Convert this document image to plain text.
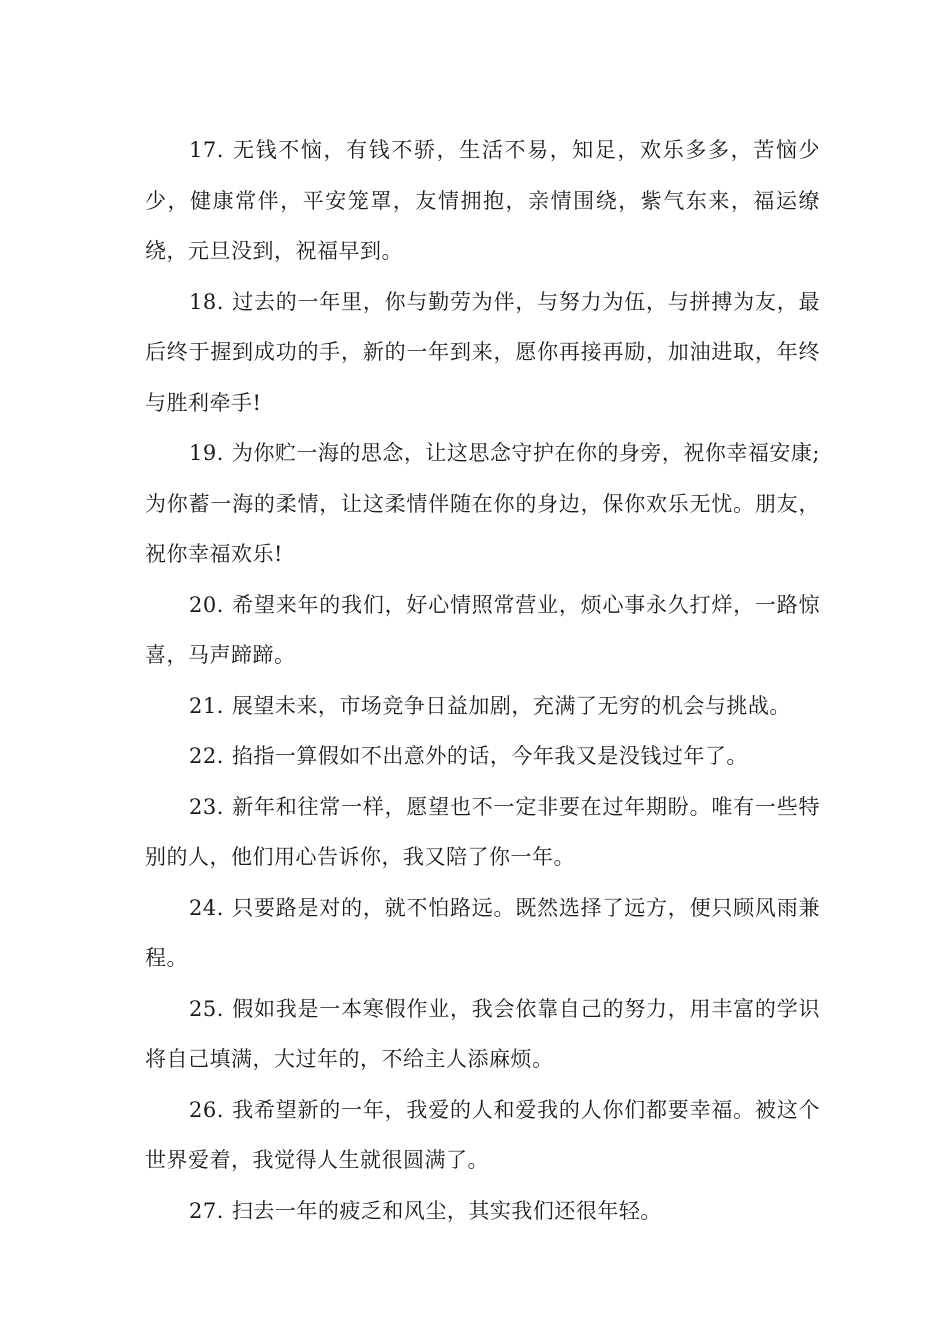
17. 无钱不恼，有钱不骄，生活不易，知足，欢乐多多，苦恼少少，健康常伴，平安笼罩，友情拥抱，亲情围绕，紫气东来，福运缭绕，元旦没到，祝福早到。

18. 过去的一年里，你与勤劳为伴，与努力为伍，与拼搏为友，最后终于握到成功的手，新的一年到来，愿你再接再励，加油进取，年终与胜利牵手!

19. 为你贮一海的思念，让这思念守护在你的身旁，祝你幸福安康;为你蓄一海的柔情，让这柔情伴随在你的身边，保你欢乐无忧。朋友，祝你幸福欢乐!

20. 希望来年的我们，好心情照常营业，烦心事永久打烊，一路惊喜，马声蹄蹄。

21. 展望未来，市场竞争日益加剧，充满了无穷的机会与挑战。

22. 掐指一算假如不出意外的话，今年我又是没钱过年了。

23. 新年和往常一样，愿望也不一定非要在过年期盼。唯有一些特别的人，他们用心告诉你，我又陪了你一年。

24. 只要路是对的，就不怕路远。既然选择了远方，便只顾风雨兼程。

25. 假如我是一本寒假作业，我会依靠自己的努力，用丰富的学识将自己填满，大过年的，不给主人添麻烦。

26. 我希望新的一年，我爱的人和爱我的人你们都要幸福。被这个世界爱着，我觉得人生就很圆满了。

27. 扫去一年的疲乏和风尘，其实我们还很年轻。
